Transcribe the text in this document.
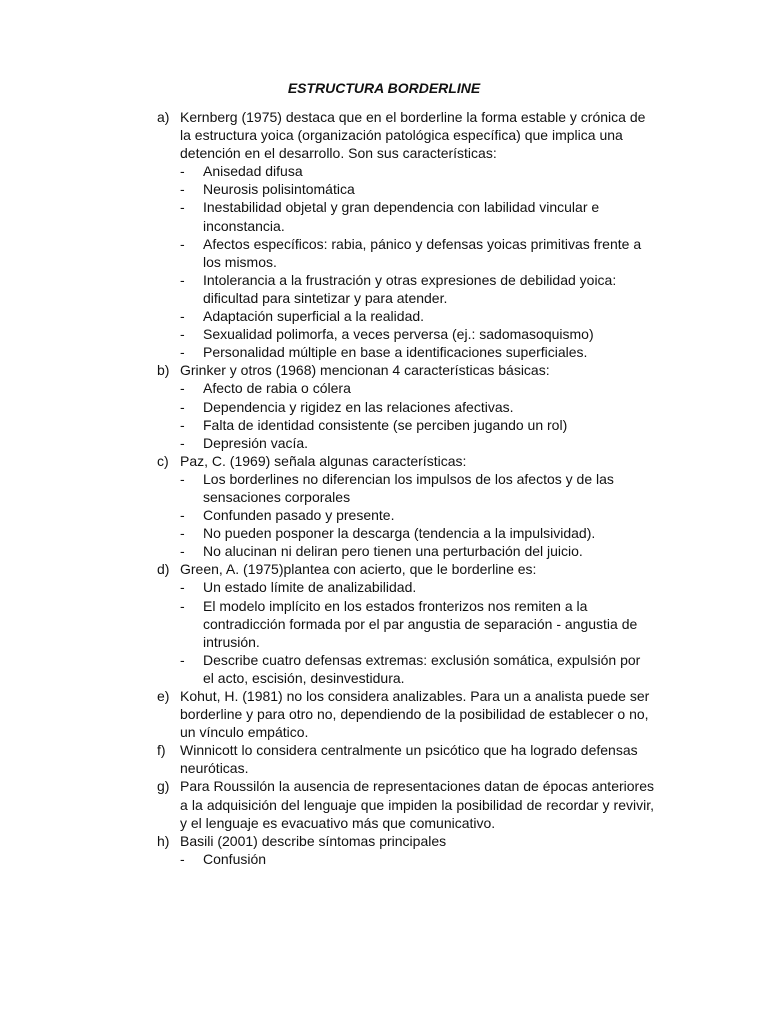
ESTRUCTURA BORDERLINE
a) Kernberg (1975) destaca que en el borderline la forma estable y crónica de la estructura yoica (organización patológica específica) que implica una detención en el desarrollo. Son sus características:
- Anisedad difusa
- Neurosis polisintomática
- Inestabilidad objetal y gran dependencia con labilidad vincular e inconstancia.
- Afectos específicos: rabia, pánico y defensas yoicas primitivas frente a los mismos.
- Intolerancia a la frustración y otras expresiones de debilidad yoica: dificultad para sintetizar y para atender.
- Adaptación superficial a la realidad.
- Sexualidad polimorfa, a veces perversa (ej.: sadomasoquismo)
- Personalidad múltiple en base a identificaciones superficiales.
b) Grinker y otros (1968) mencionan 4 características básicas:
- Afecto de rabia o cólera
- Dependencia y rigidez en las relaciones afectivas.
- Falta de identidad consistente (se perciben jugando un rol)
- Depresión vacía.
c) Paz, C. (1969) señala algunas características:
- Los borderlines no diferencian los impulsos de los afectos y de las sensaciones corporales
- Confunden pasado y presente.
- No pueden posponer la descarga (tendencia a la impulsividad).
- No alucinan ni deliran pero tienen una perturbación del juicio.
d) Green, A. (1975)plantea con acierto, que le borderline es:
- Un estado límite de analizabilidad.
- El modelo implícito en los estados fronterizos nos remiten a la contradicción formada por el par angustia de separación - angustia de intrusión.
- Describe cuatro defensas extremas: exclusión somática, expulsión por el acto, escisión, desinvestidura.
e) Kohut, H. (1981) no los considera analizables. Para un a analista puede ser borderline y para otro no, dependiendo de la posibilidad de establecer o no, un vínculo empático.
f) Winnicott lo considera centralmente un psicótico que ha logrado defensas neuróticas.
g) Para Roussilón la ausencia de representaciones datan de épocas anteriores a la adquisición del lenguaje que impiden la posibilidad de recordar y revivir, y el lenguaje es evacuativo más que comunicativo.
h) Basili (2001) describe síntomas principales
- Confusión
